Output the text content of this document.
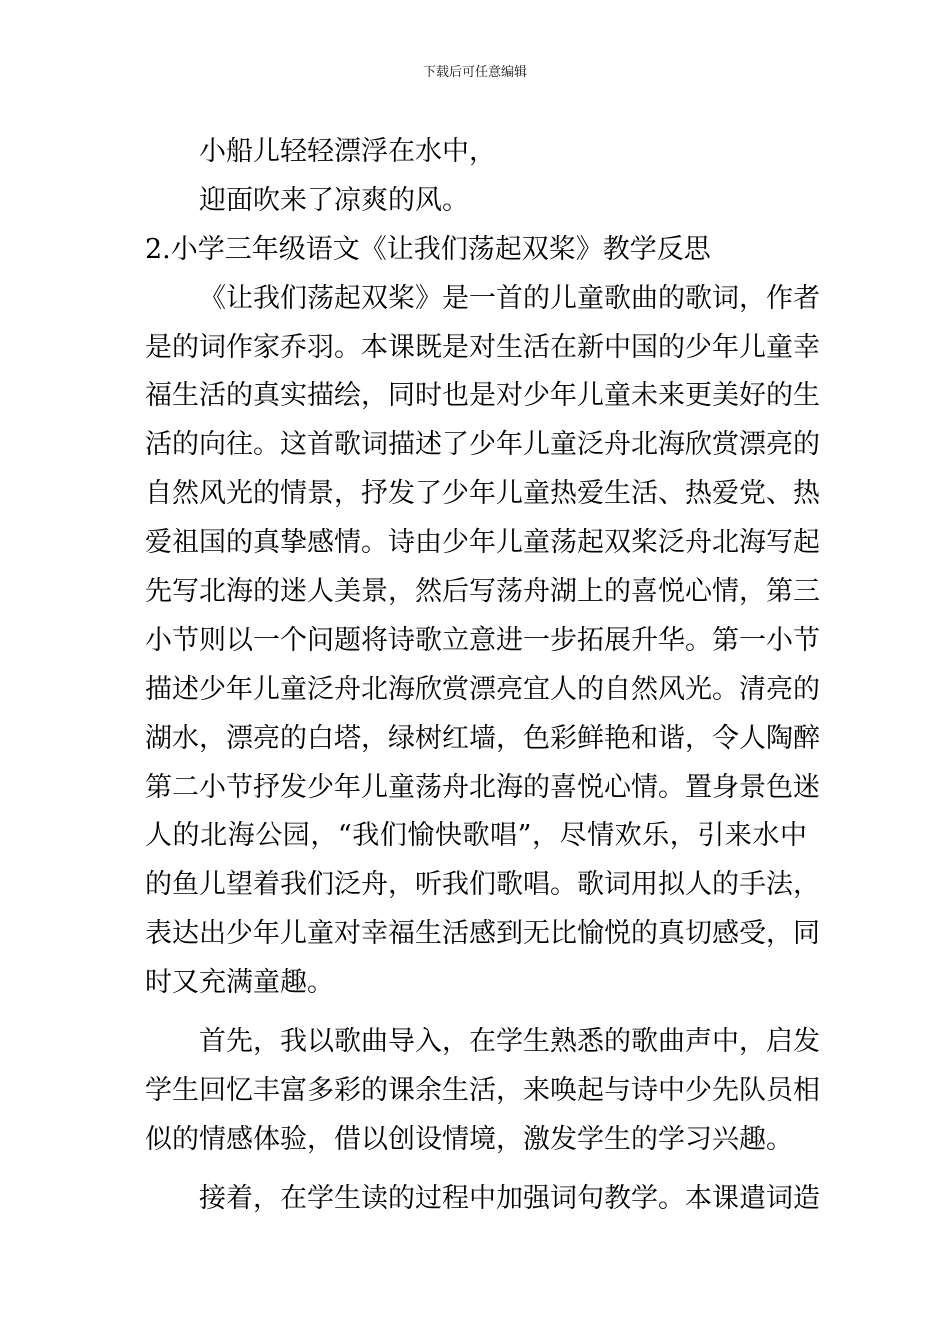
下载后可任意编辑
小船儿轻轻漂浮在水中，
迎面吹来了凉爽的风。
2.小学三年级语文《让我们荡起双桨》教学反思
《让我们荡起双桨》是一首的儿童歌曲的歌词，作者
是的词作家乔羽。本课既是对生活在新中国的少年儿童幸
福生活的真实描绘，同时也是对少年儿童未来更美好的生
活的向往。这首歌词描述了少年儿童泛舟北海欣赏漂亮的
自然风光的情景，抒发了少年儿童热爱生活、热爱党、热
爱祖国的真挚感情。诗由少年儿童荡起双桨泛舟北海写起
先写北海的迷人美景，然后写荡舟湖上的喜悦心情，第三
小节则以一个问题将诗歌立意进一步拓展升华。第一小节
描述少年儿童泛舟北海欣赏漂亮宜人的自然风光。清亮的
湖水，漂亮的白塔，绿树红墙，色彩鲜艳和谐，令人陶醉
第二小节抒发少年儿童荡舟北海的喜悦心情。置身景色迷
人的北海公园，“我们愉快歌唱”，尽情欢乐，引来水中
的鱼儿望着我们泛舟，听我们歌唱。歌词用拟人的手法，
表达出少年儿童对幸福生活感到无比愉悦的真切感受，同
时又充满童趣。
首先，我以歌曲导入，在学生熟悉的歌曲声中，启发
学生回忆丰富多彩的课余生活，来唤起与诗中少先队员相
似的情感体验，借以创设情境，激发学生的学习兴趣。
接着，在学生读的过程中加强词句教学。本课遣词造
